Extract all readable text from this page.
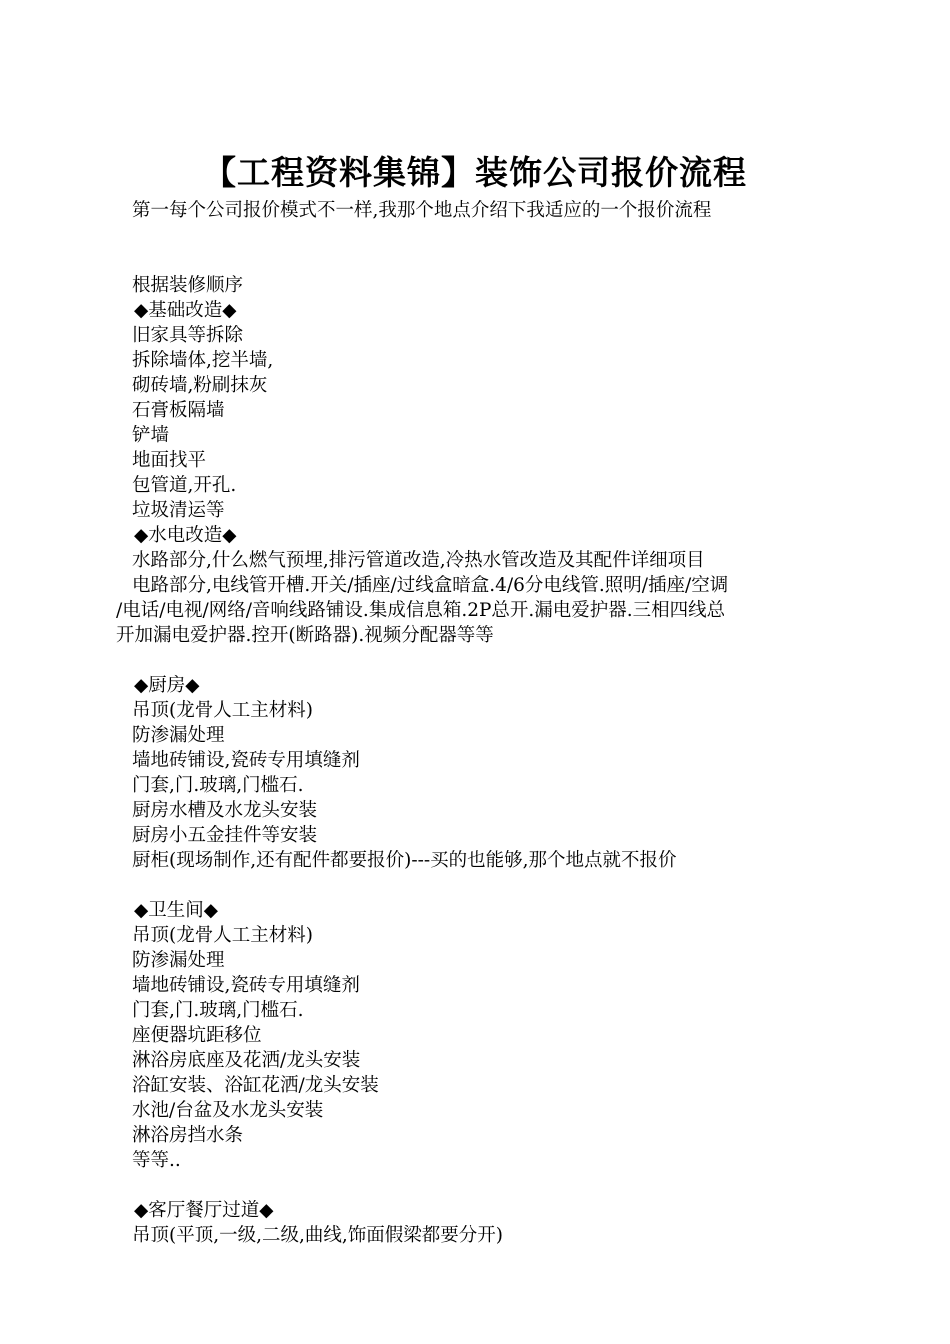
【工程资料集锦】装饰公司报价流程
第一每个公司报价模式不一样,我那个地点介绍下我适应的一个报价流程
根据装修顺序
◆基础改造◆
旧家具等拆除
拆除墙体,挖半墙,
砌砖墙,粉刷抹灰
石膏板隔墙
铲墙
地面找平
包管道,开孔.
垃圾清运等
◆水电改造◆
水路部分,什么燃气预埋,排污管道改造,冷热水管改造及其配件详细项目
电路部分,电线管开槽.开关/插座/过线盒暗盒.4/6分电线管.照明/插座/空调
/电话/电视/网络/音响线路铺设.集成信息箱.2P总开.漏电爱护器.三相四线总
开加漏电爱护器.控开(断路器).视频分配器等等
◆厨房◆
吊顶(龙骨人工主材料)
防渗漏处理
墙地砖铺设,瓷砖专用填缝剂
门套,门.玻璃,门槛石.
厨房水槽及水龙头安装
厨房小五金挂件等安装
厨柜(现场制作,还有配件都要报价)---买的也能够,那个地点就不报价
◆卫生间◆
吊顶(龙骨人工主材料)
防渗漏处理
墙地砖铺设,瓷砖专用填缝剂
门套,门.玻璃,门槛石.
座便器坑距移位
淋浴房底座及花洒/龙头安装
浴缸安装、浴缸花洒/龙头安装
水池/台盆及水龙头安装
淋浴房挡水条
等等..
◆客厅餐厅过道◆
吊顶(平顶,一级,二级,曲线,饰面假梁都要分开)
